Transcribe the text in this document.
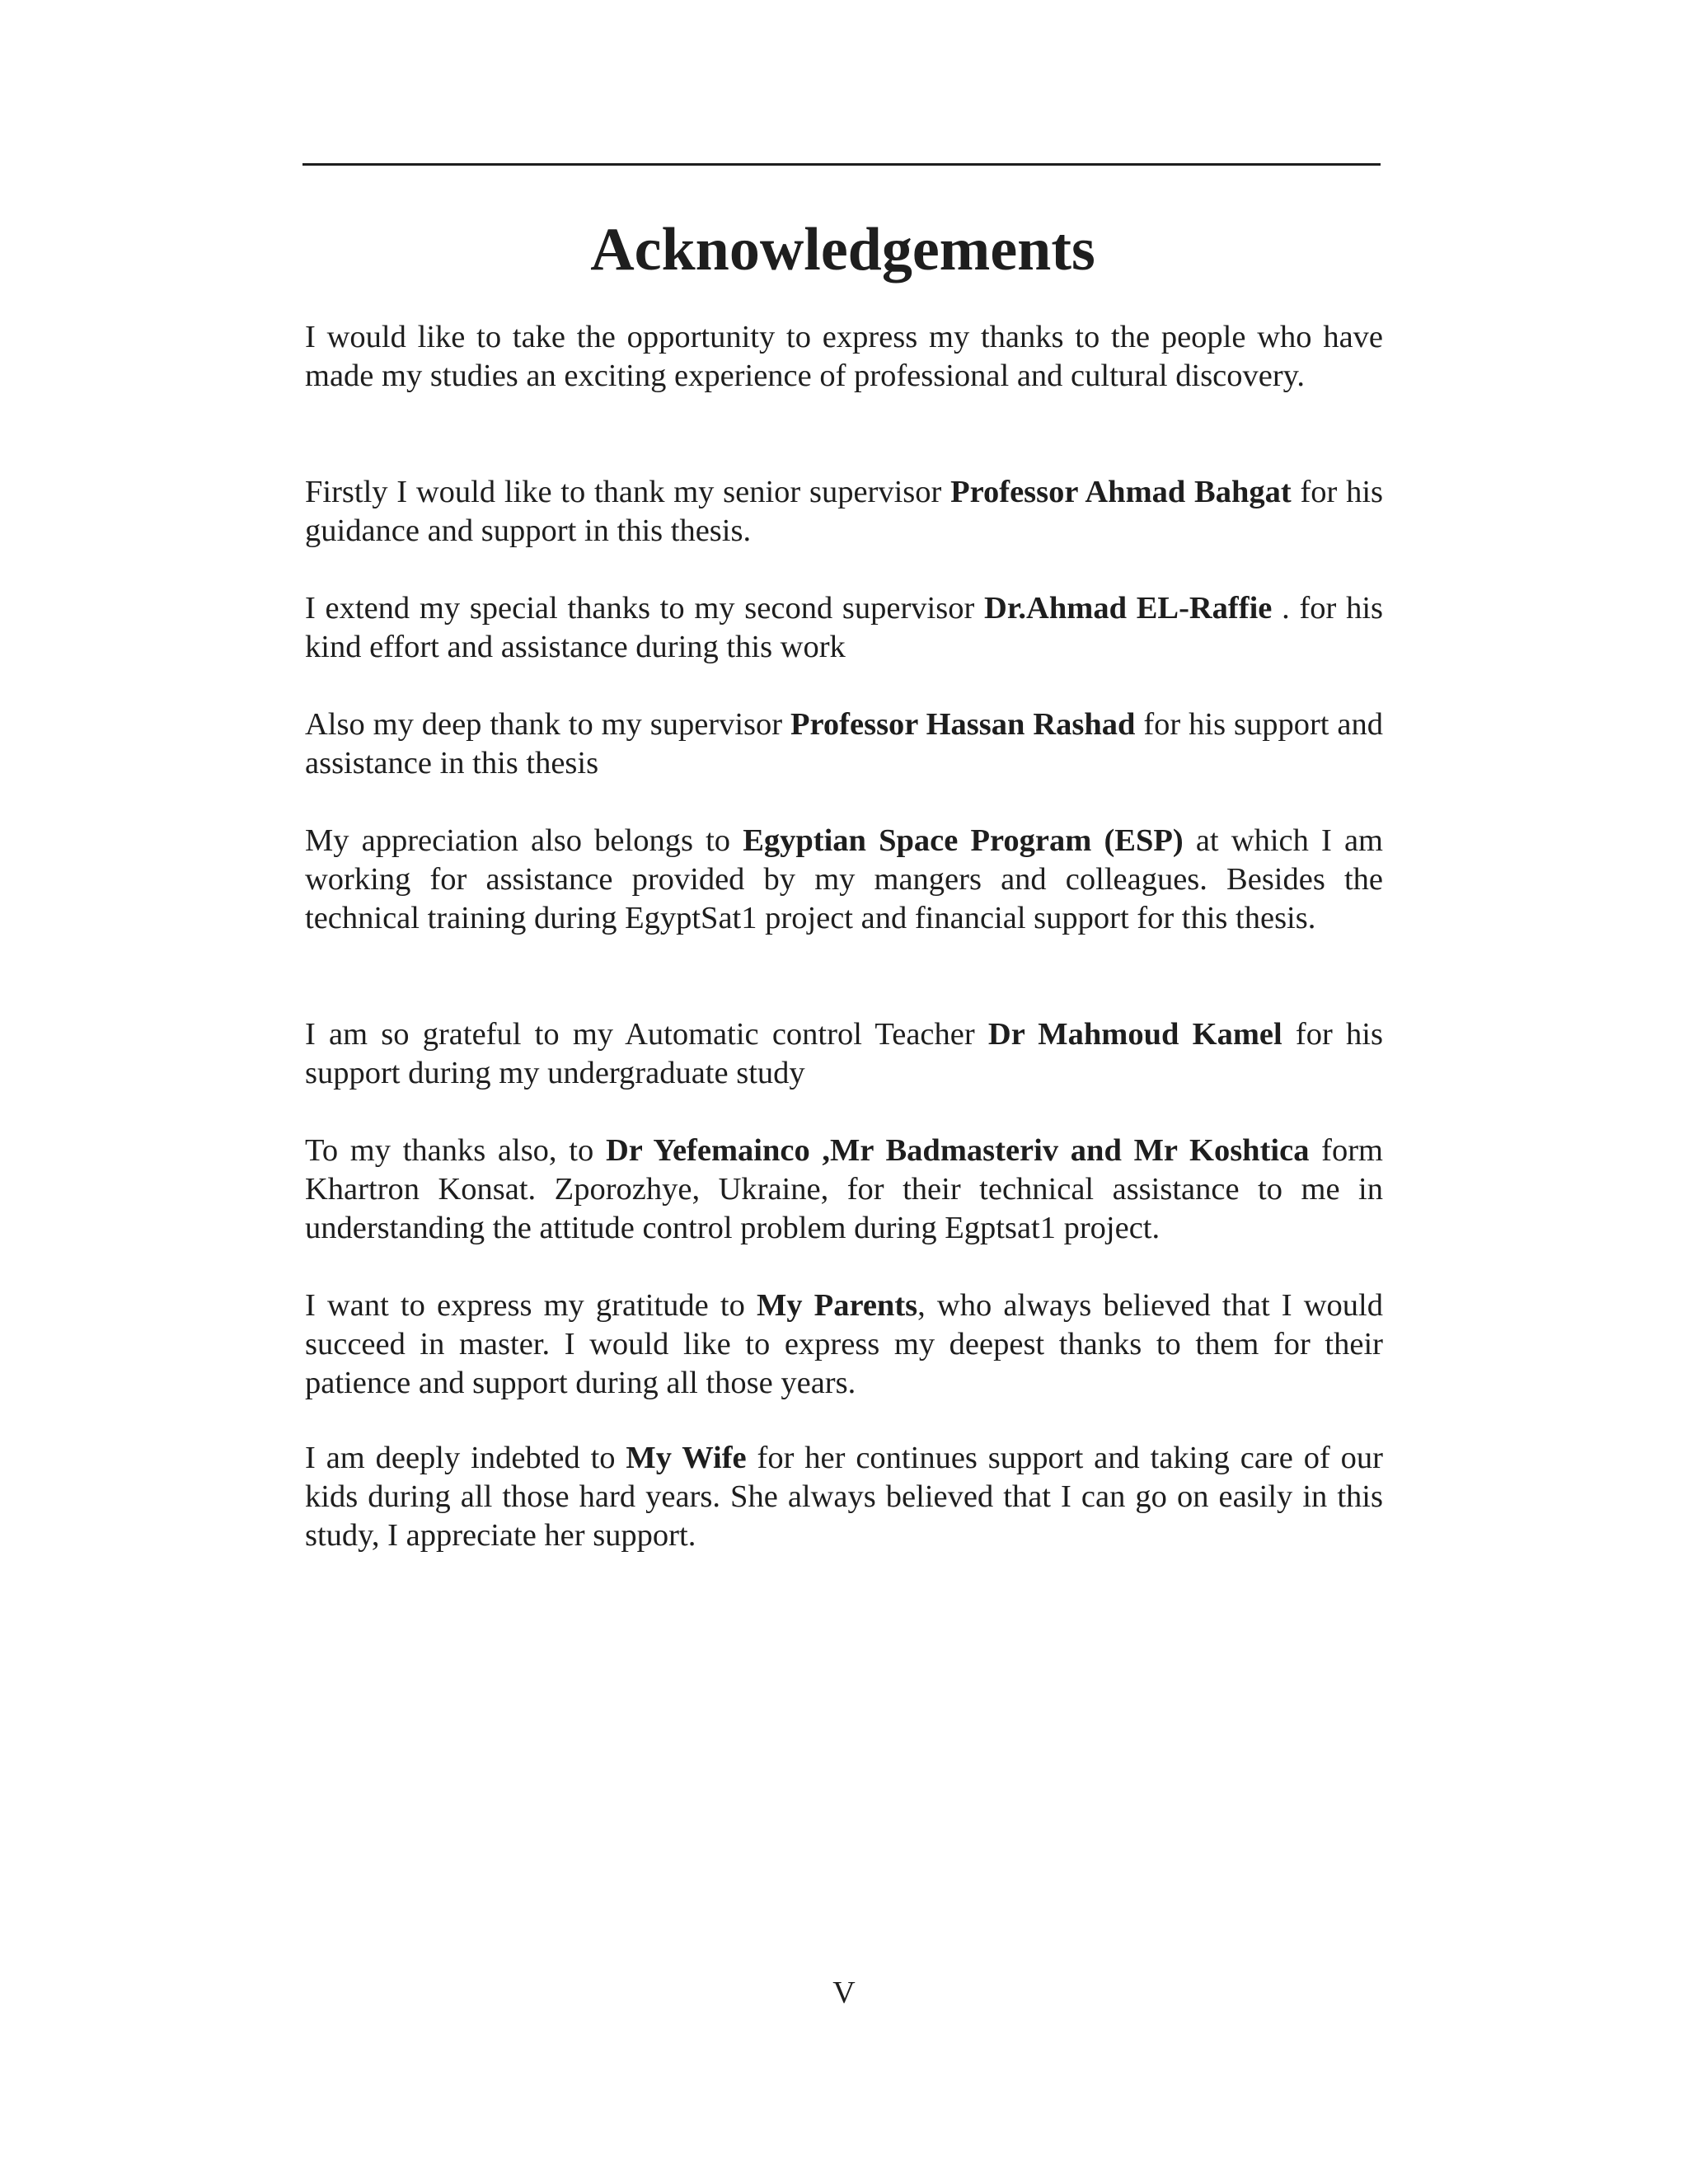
Acknowledgements

I would like to take the opportunity to express my thanks to the people who have made my studies an exciting experience of professional and cultural discovery.

Firstly I would like to thank my senior supervisor Professor Ahmad Bahgat for his guidance and support in this thesis.

I extend my special thanks to my second supervisor Dr.Ahmad EL-Raffie . for his kind effort and assistance during this work

Also my deep thank to my supervisor Professor Hassan Rashad for his support and assistance in this thesis

My appreciation also belongs to Egyptian Space Program (ESP) at which I am working for assistance provided by my mangers and colleagues. Besides the technical training during EgyptSat1 project and financial support for this thesis.

I am so grateful to my Automatic control Teacher Dr Mahmoud Kamel for his support during my undergraduate study

To my thanks also, to Dr Yefemainco ,Mr Badmasteriv and Mr Koshtica form Khartron Konsat. Zporozhye, Ukraine, for their technical assistance to me in understanding the attitude control problem during Egptsat1 project.

I want to express my gratitude to My Parents, who always believed that I would succeed in master. I would like to express my deepest thanks to them for their patience and support during all those years.

I am deeply indebted to My Wife for her continues support and taking care of our kids during all those hard years. She always believed that I can go on easily in this study, I appreciate her support.

V
